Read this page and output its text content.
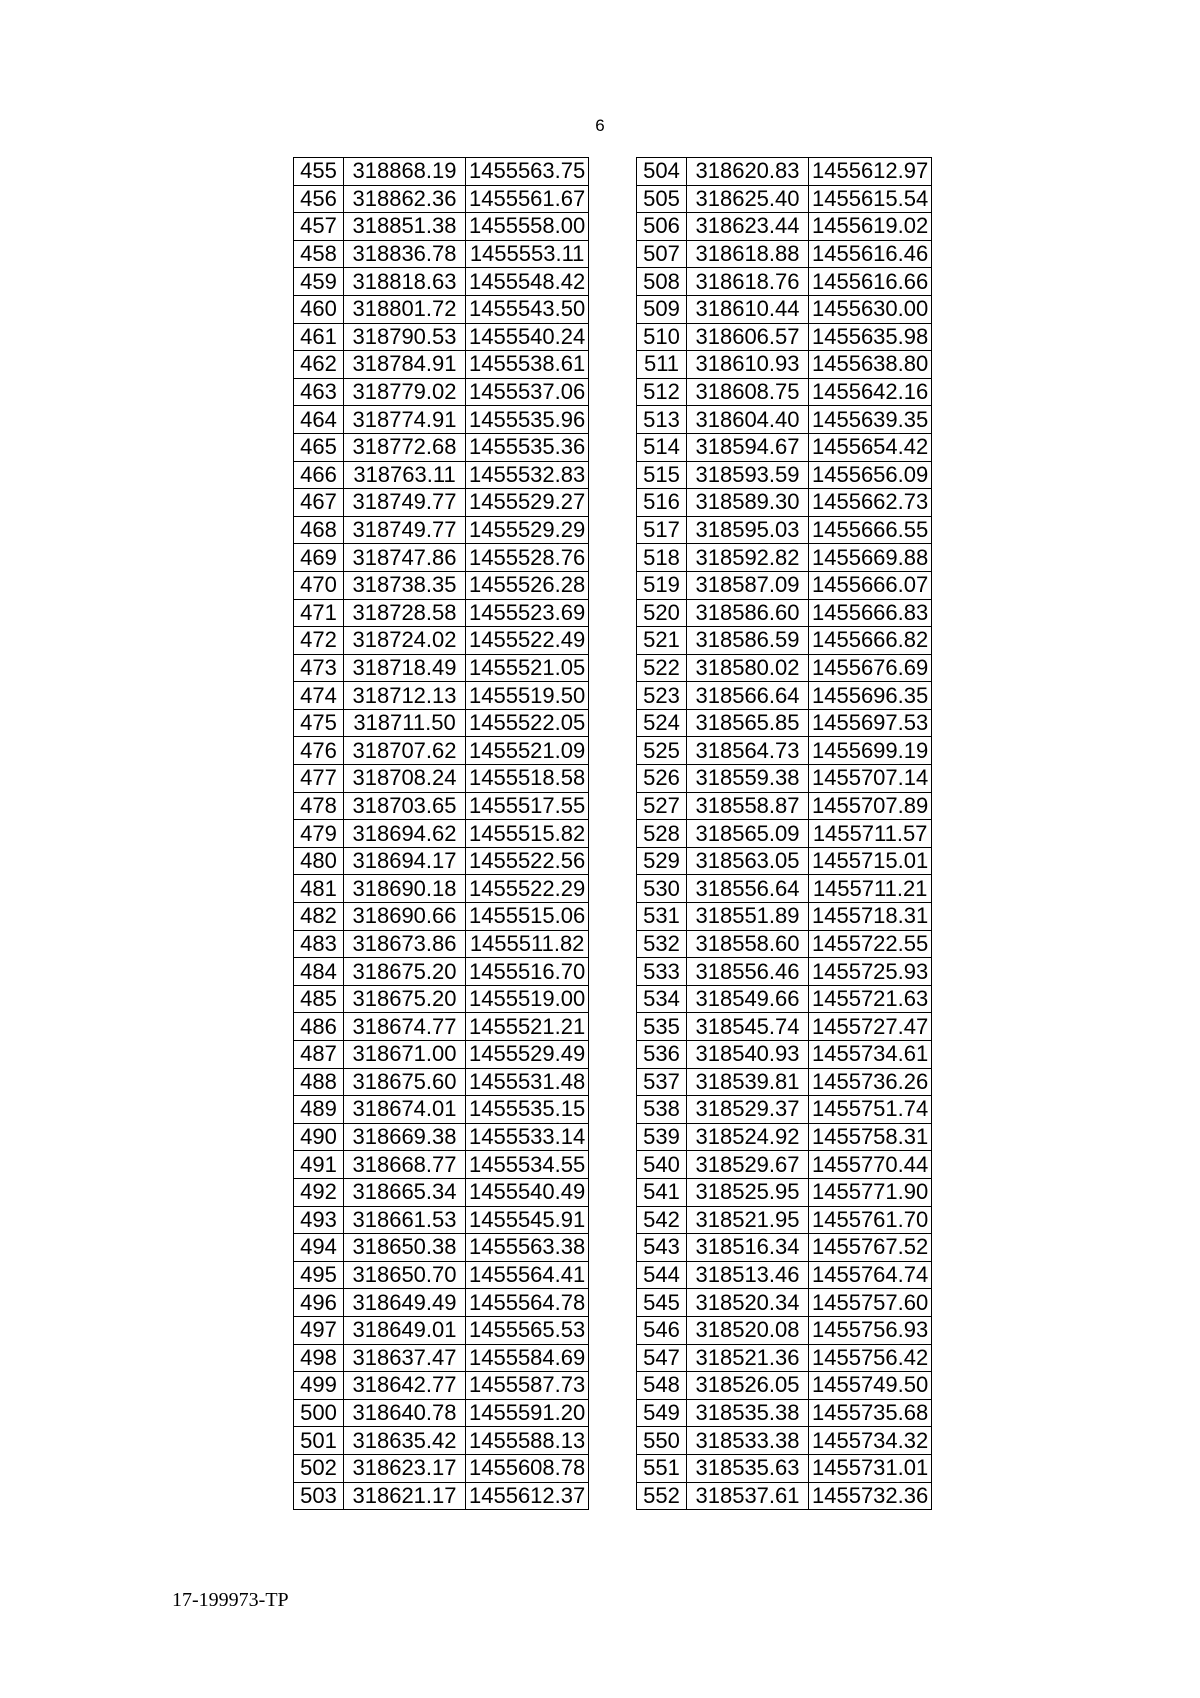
6
455	318868.19	1455563.75
456	318862.36	1455561.67
457	318851.38	1455558.00
458	318836.78	1455553.11
459	318818.63	1455548.42
460	318801.72	1455543.50
461	318790.53	1455540.24
462	318784.91	1455538.61
463	318779.02	1455537.06
464	318774.91	1455535.96
465	318772.68	1455535.36
466	318763.11	1455532.83
467	318749.77	1455529.27
468	318749.77	1455529.29
469	318747.86	1455528.76
470	318738.35	1455526.28
471	318728.58	1455523.69
472	318724.02	1455522.49
473	318718.49	1455521.05
474	318712.13	1455519.50
475	318711.50	1455522.05
476	318707.62	1455521.09
477	318708.24	1455518.58
478	318703.65	1455517.55
479	318694.62	1455515.82
480	318694.17	1455522.56
481	318690.18	1455522.29
482	318690.66	1455515.06
483	318673.86	1455511.82
484	318675.20	1455516.70
485	318675.20	1455519.00
486	318674.77	1455521.21
487	318671.00	1455529.49
488	318675.60	1455531.48
489	318674.01	1455535.15
490	318669.38	1455533.14
491	318668.77	1455534.55
492	318665.34	1455540.49
493	318661.53	1455545.91
494	318650.38	1455563.38
495	318650.70	1455564.41
496	318649.49	1455564.78
497	318649.01	1455565.53
498	318637.47	1455584.69
499	318642.77	1455587.73
500	318640.78	1455591.20
501	318635.42	1455588.13
502	318623.17	1455608.78
503	318621.17	1455612.37
504	318620.83	1455612.97
505	318625.40	1455615.54
506	318623.44	1455619.02
507	318618.88	1455616.46
508	318618.76	1455616.66
509	318610.44	1455630.00
510	318606.57	1455635.98
511	318610.93	1455638.80
512	318608.75	1455642.16
513	318604.40	1455639.35
514	318594.67	1455654.42
515	318593.59	1455656.09
516	318589.30	1455662.73
517	318595.03	1455666.55
518	318592.82	1455669.88
519	318587.09	1455666.07
520	318586.60	1455666.83
521	318586.59	1455666.82
522	318580.02	1455676.69
523	318566.64	1455696.35
524	318565.85	1455697.53
525	318564.73	1455699.19
526	318559.38	1455707.14
527	318558.87	1455707.89
528	318565.09	1455711.57
529	318563.05	1455715.01
530	318556.64	1455711.21
531	318551.89	1455718.31
532	318558.60	1455722.55
533	318556.46	1455725.93
534	318549.66	1455721.63
535	318545.74	1455727.47
536	318540.93	1455734.61
537	318539.81	1455736.26
538	318529.37	1455751.74
539	318524.92	1455758.31
540	318529.67	1455770.44
541	318525.95	1455771.90
542	318521.95	1455761.70
543	318516.34	1455767.52
544	318513.46	1455764.74
545	318520.34	1455757.60
546	318520.08	1455756.93
547	318521.36	1455756.42
548	318526.05	1455749.50
549	318535.38	1455735.68
550	318533.38	1455734.32
551	318535.63	1455731.01
552	318537.61	1455732.36
17-199973-TP
